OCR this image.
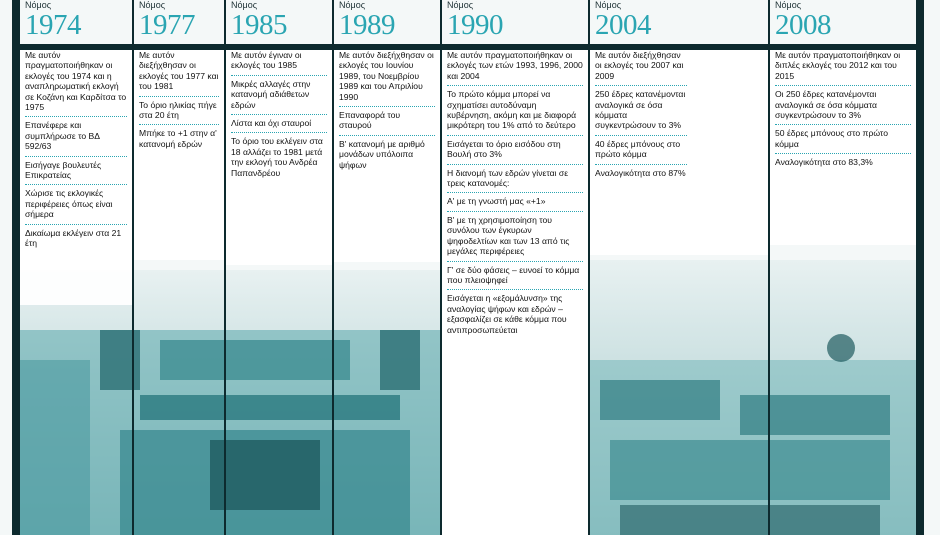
Νόμος
1974
Με αυτόν πραγματοποιήθηκαν οι εκλογές του 1974 και η αναπληρωματική εκλογή σε Κοζάνη και Καρδίτσα το 1975
Επανέφερε και συμπλήρωσε το ΒΔ 592/63
Εισήγαγε βουλευτές Επικρατείας
Χώρισε τις εκλογικές περιφέρειες όπως είναι σήμερα
Δικαίωμα εκλέγειν στα 21 έτη
Νόμος
1977
Με αυτόν διεξήχθησαν οι εκλογές του 1977 και του 1981
Το όριο ηλικίας πήγε στα 20 έτη
Μπήκε το +1 στην α' κατανομή εδρών
Νόμος
1985
Με αυτόν έγιναν οι εκλογές του 1985
Μικρές αλλαγές στην κατανομή αδιάθετων εδρών
Λίστα και όχι σταυροί
Το όριο του εκλέγειν στα 18 αλλάζει το 1981 μετά την εκλογή του Ανδρέα Παπανδρέου
Νόμος
1989
Με αυτόν διεξήχθησαν οι εκλογές του Ιουνίου 1989, του Νοεμβρίου 1989 και του Απριλίου 1990
Επαναφορά του σταυρού
Β' κατανομή με αριθμό μονάδων υπόλοιπα ψήφων
Νόμος
1990
Με αυτόν πραγματοποιήθηκαν οι εκλογές των ετών 1993, 1996, 2000 και 2004
Το πρώτο κόμμα μπορεί να σχηματίσει αυτοδύναμη κυβέρνηση, ακόμη και με διαφορά μικρότερη του 1% από το δεύτερο
Εισάγεται το όριο εισόδου στη Βουλή στο 3%
Η διανομή των εδρών γίνεται σε τρεις κατανομές:
Α' με τη γνωστή μας «+1»
Β' με τη χρησιμοποίηση του συνόλου των έγκυρων ψηφοδελτίων και των 13 από τις μεγάλες περιφέρειες
Γ' σε δύο φάσεις – ευνοεί το κόμμα που πλειοψηφεί
Εισάγεται η «εξομάλυνση» της αναλογίας ψήφων και εδρών – εξασφαλίζει σε κάθε κόμμα που αντιπροσωπεύεται
Νόμος
2004
Με αυτόν διεξήχθησαν οι εκλογές του 2007 και 2009
250 έδρες κατανέμονται αναλογικά σε όσα κόμματα συγκεντρώσουν το 3%
40 έδρες μπόνους στο πρώτο κόμμα
Αναλογικότητα στο 87%
Νόμος
2008
Με αυτόν πραγματοποιήθηκαν οι διπλές εκλογές του 2012 και του 2015
Οι 250 έδρες κατανέμονται αναλογικά σε όσα κόμματα συγκεντρώσουν το 3%
50 έδρες μπόνους στο πρώτο κόμμα
Αναλογικότητα στο 83,3%
